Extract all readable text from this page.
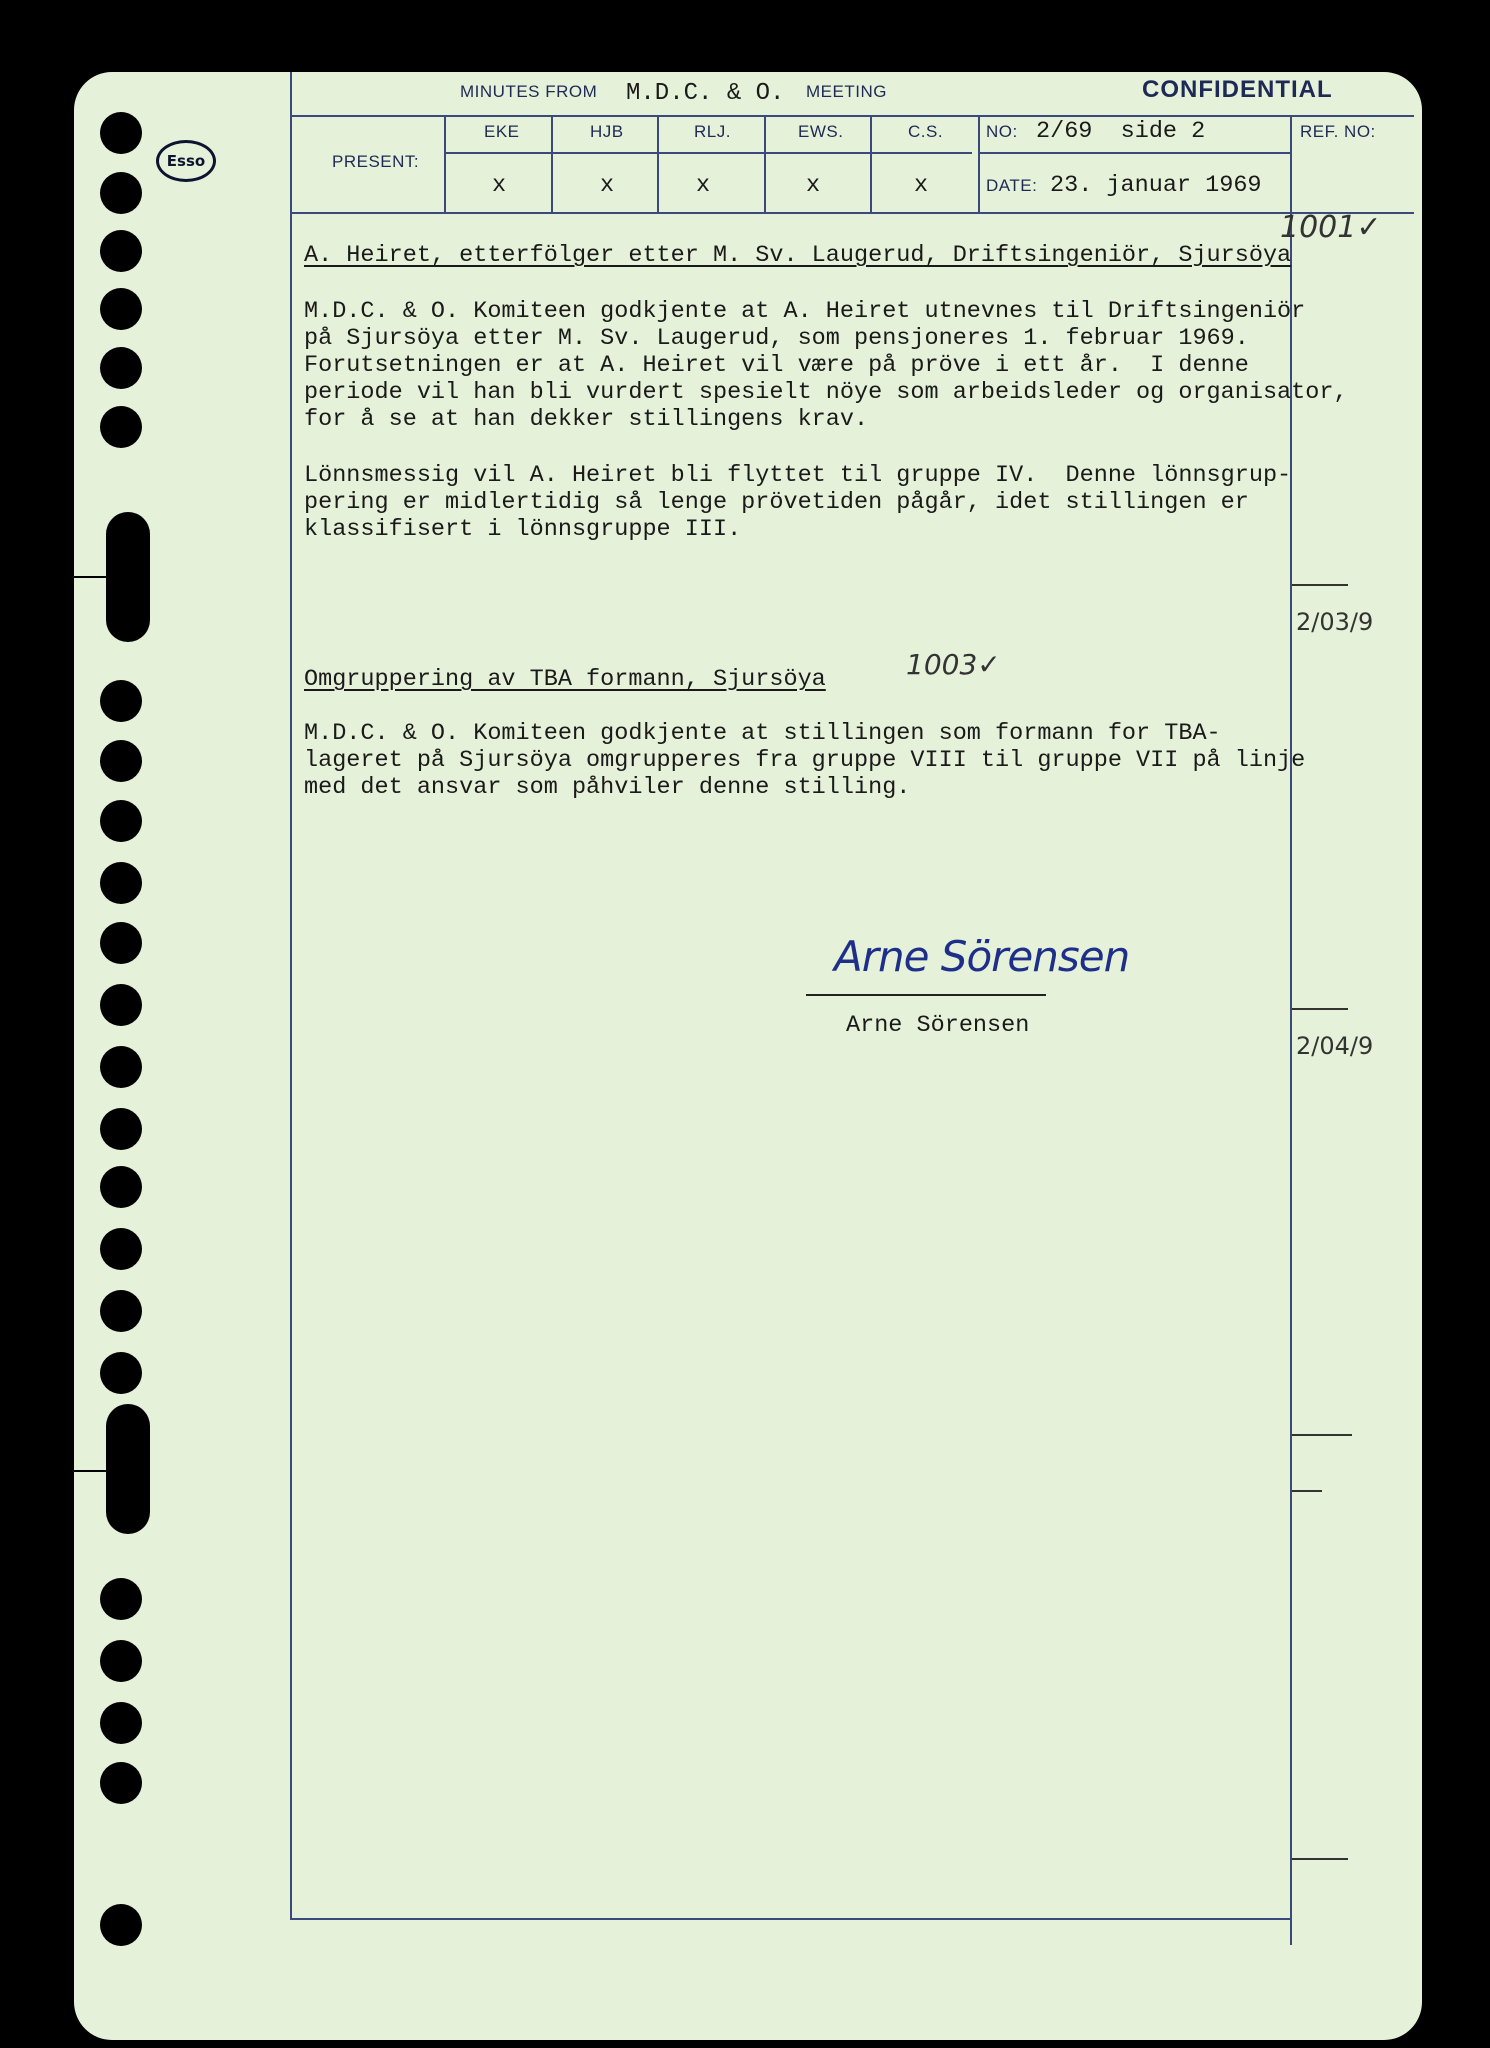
Esso
MINUTES FROM M.D.C. & O. MEETING	CONFIDENTIAL
PRESENT:
EKE	HJB	RLJ.	EWS.	C.S.
x	x	x	x	x
NO: 2/69  side 2
DATE: 23. januar 1969
REF. NO:
1001✓
A. Heiret, etterfölger etter M. Sv. Laugerud, Driftsingeniör, Sjursöya
M.D.C. & O. Komiteen godkjente at A. Heiret utnevnes til Driftsingeniör
på Sjursöya etter M. Sv. Laugerud, som pensjoneres 1. februar 1969.
Forutsetningen er at A. Heiret vil være på pröve i ett år.  I denne
periode vil han bli vurdert spesielt nöye som arbeidsleder og organisator,
for å se at han dekker stillingens krav.
Lönnsmessig vil A. Heiret bli flyttet til gruppe IV.  Denne lönnsgrup-
pering er midlertidig så lenge prövetiden pågår, idet stillingen er
klassifisert i lönnsgruppe III.
2/03/9
Omgruppering av TBA formann, Sjursöya	1003✓
M.D.C. & O. Komiteen godkjente at stillingen som formann for TBA-
lageret på Sjursöya omgrupperes fra gruppe VIII til gruppe VII på linje
med det ansvar som påhviler denne stilling.
Arne Sörensen
Arne Sörensen
2/04/9
